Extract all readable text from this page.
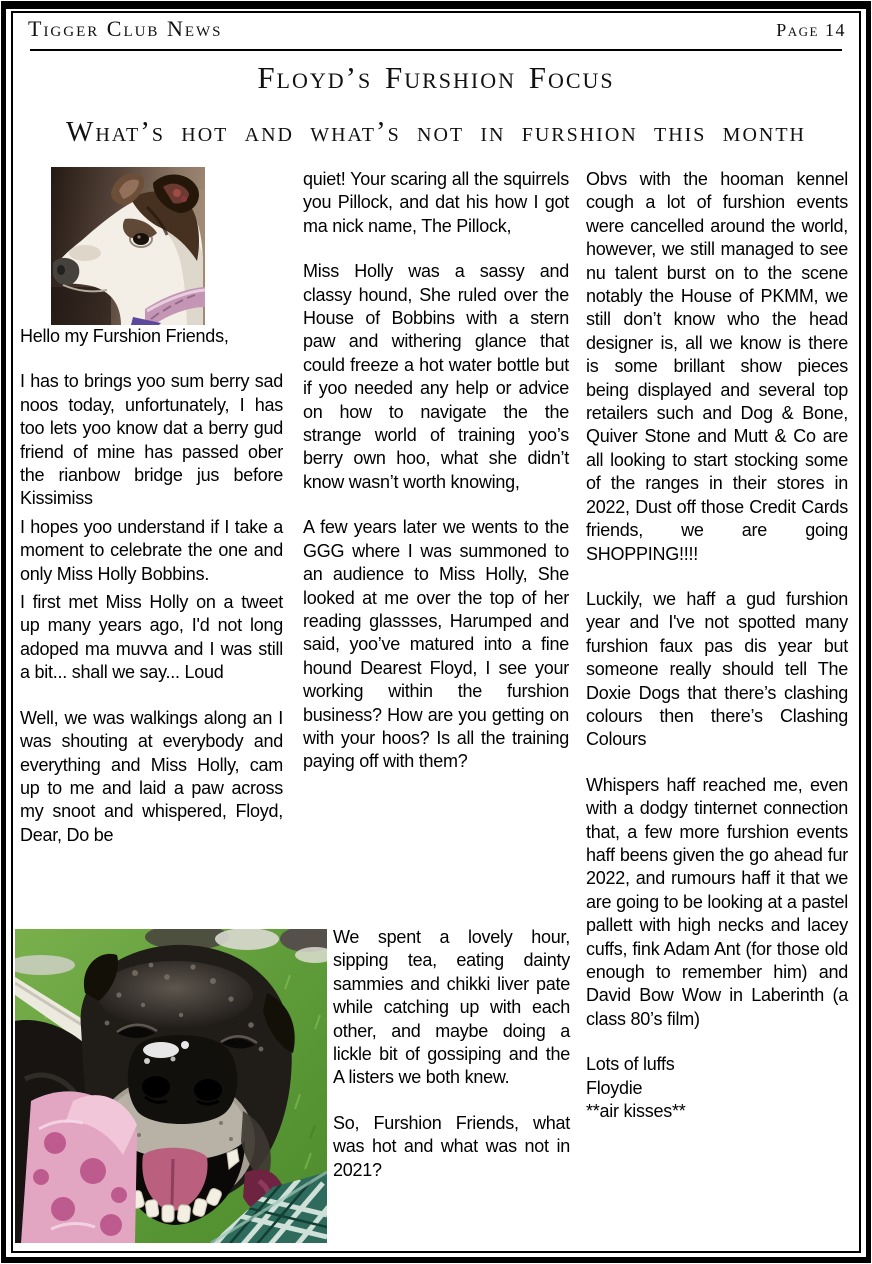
Tigger Club News	Page 14
Floyd’s Furshion Focus
What’s hot and what’s not in furshion this month

Hello my Furshion Friends,

I has to brings yoo sum berry sad noos today, unfortunately, I has too lets yoo know dat a berry gud friend of mine has passed ober the rianbow bridge jus before Kissimiss

I hopes yoo understand if I take a moment to celebrate the one and only Miss Holly Bobbins.

I first met Miss Holly on a tweet up many years ago, I'd not long adoped ma muvva and I was still a bit... shall we say... Loud

Well, we was walkings along an I was shouting at everybody and everything and Miss Holly, cam up to me and laid a paw across my snoot and whispered, Floyd, Dear, Do be

quiet! Your scaring all the squirrels you Pillock, and dat his how I got ma nick name, The Pillock,

Miss Holly was a sassy and classy hound, She ruled over the House of Bobbins with a stern paw and withering glance that could freeze a hot water bottle but if yoo needed any help or advice on how to navigate the the strange world of training yoo’s berry own hoo, what she didn’t know wasn’t worth knowing,

A few years later we wents to the GGG where I was summoned to an audience to Miss Holly, She looked at me over the top of her reading glassses, Harumped and said, yoo’ve matured into a fine hound Dearest Floyd, I see your working within the furshion business? How are you getting on with your hoos? Is all the training paying off with them?

We spent a lovely hour, sipping tea, eating dainty sammies and chikki liver pate while catching up with each other, and maybe doing a lickle bit of gossiping and the A listers we both knew.

So, Furshion Friends, what was hot and what was not in 2021?

Obvs with the hooman kennel cough a lot of furshion events were cancelled around the world, however, we still managed to see nu talent burst on to the scene notably the House of PKMM, we still don’t know who the head designer is, all we know is there is some brillant show pieces being displayed and several top retailers such and Dog & Bone, Quiver Stone and Mutt & Co are all looking to start stocking some of the ranges in their stores in 2022, Dust off those Credit Cards friends, we are going SHOPPING!!!!

Luckily, we haff a gud furshion year and I've not spotted many furshion faux pas dis year but someone really should tell The Doxie Dogs that there’s clashing colours then there’s Clashing Colours

Whispers haff reached me, even with a dodgy tinternet connection that, a few more furshion events haff beens given the go ahead fur 2022, and rumours haff it that we are going to be looking at a pastel pallett with high necks and lacey cuffs, fink Adam Ant (for those old enough to remember him) and David Bow Wow in Laberinth (a class 80’s film)

Lots of luffs

Floydie

**air kisses**
